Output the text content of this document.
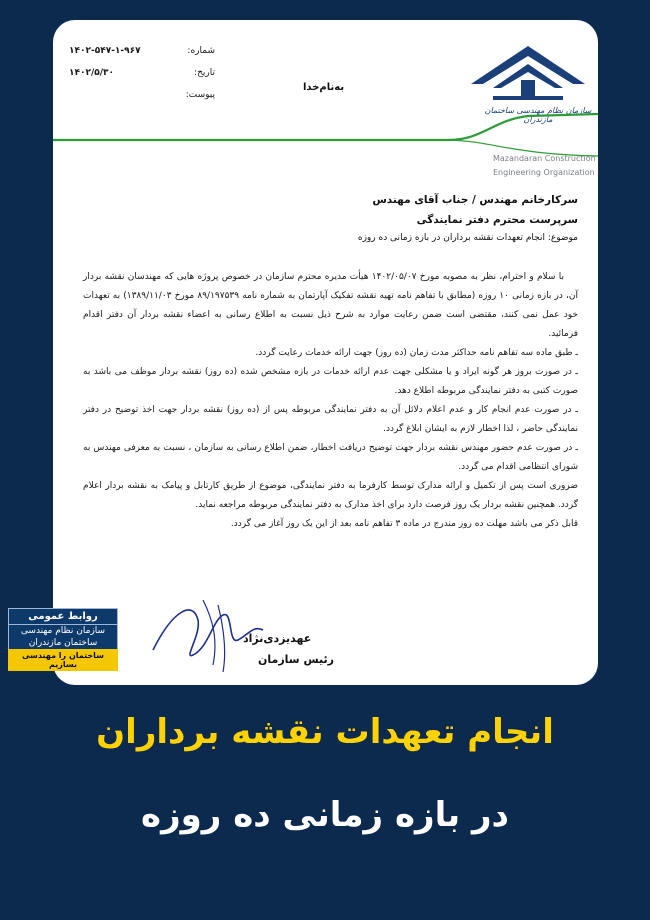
شماره:
۱۴۰۲-۵۴۷-۱-۹۶۷
تاریخ:
۱۴۰۲/۵/۳۰
پیوست:
به‌نام‌خدا
سازمان نظام مهندسی ساختمان مازندران
Mazandaran Construction
Engineering Organization
سرکارخانم مهندس / جناب آقای مهندس
سرپرست محترم دفتر نمایندگی
موضوع: انجام تعهدات نقشه برداران در بازه زمانی ده روزه

با سلام و احترام، نظر به مصوبه مورخ ۱۴۰۲/۰۵/۰۷ هیأت مدیره محترم سازمان در خصوص پروژه هایی که مهندسان نقشه بردار آن، در بازه زمانی ۱۰ روزه (مطابق با تفاهم نامه تهیه نقشه تفکیک آپارتمان به شماره نامه ۸۹/۱۹۷۵۳۹ مورخ ۱۳۸۹/۱۱/۰۳) به تعهدات خود عمل نمی کنند، مقتضی است ضمن رعایت موارد به شرح ذیل نسبت به اطلاع رسانی به اعضاء نقشه بردار آن دفتر اقدام فرمائید.

ـ طبق ماده سه تفاهم نامه حداکثر مدت زمان (ده روز) جهت ارائه خدمات رعایت گردد.

ـ در صورت بروز هر گونه ایراد و یا مشکلی جهت عدم ارائه خدمات در بازه مشخص شده (ده روز) نقشه بردار موظف می باشد به صورت کتبی به دفتر نمایندگی مربوطه اطلاع دهد.

ـ در صورت عدم انجام کار و عدم اعلام دلائل آن به دفتر نمایندگی مربوطه پس از (ده روز) نقشه بردار جهت اخذ توضیح در دفتر نمایندگی حاضر ، لذا اخطار لازم به ایشان ابلاغ گردد.

ـ در صورت عدم حضور مهندس نقشه بردار جهت توضیح دریافت اخطار، ضمن اطلاع رسانی به سازمان ، نسبت به معرفی مهندس به شورای انتظامی اقدام می گردد.

ضروری است پس از تکمیل و ارائه مدارک توسط کارفرما به دفتر نمایندگی، موضوع از طریق کارتابل و پیامک به نقشه بردار اعلام گردد. همچنین نقشه بردار یک روز فرصت دارد برای اخذ مدارک به دفتر نمایندگی مربوطه مراجعه نماید.

قابل ذکر می باشد مهلت ده روز مندرج در ماده ۳ تفاهم نامه بعد از این یک روز آغاز می گردد.

عهدیزدی‌نژاد
رئیس سازمان
روابط عمومی
سازمان نظام مهندسی
ساختمان مازندران
ساختمان را مهندسی بسازیم
انجام تعهدات نقشه برداران
در بازه زمانی ده روزه
